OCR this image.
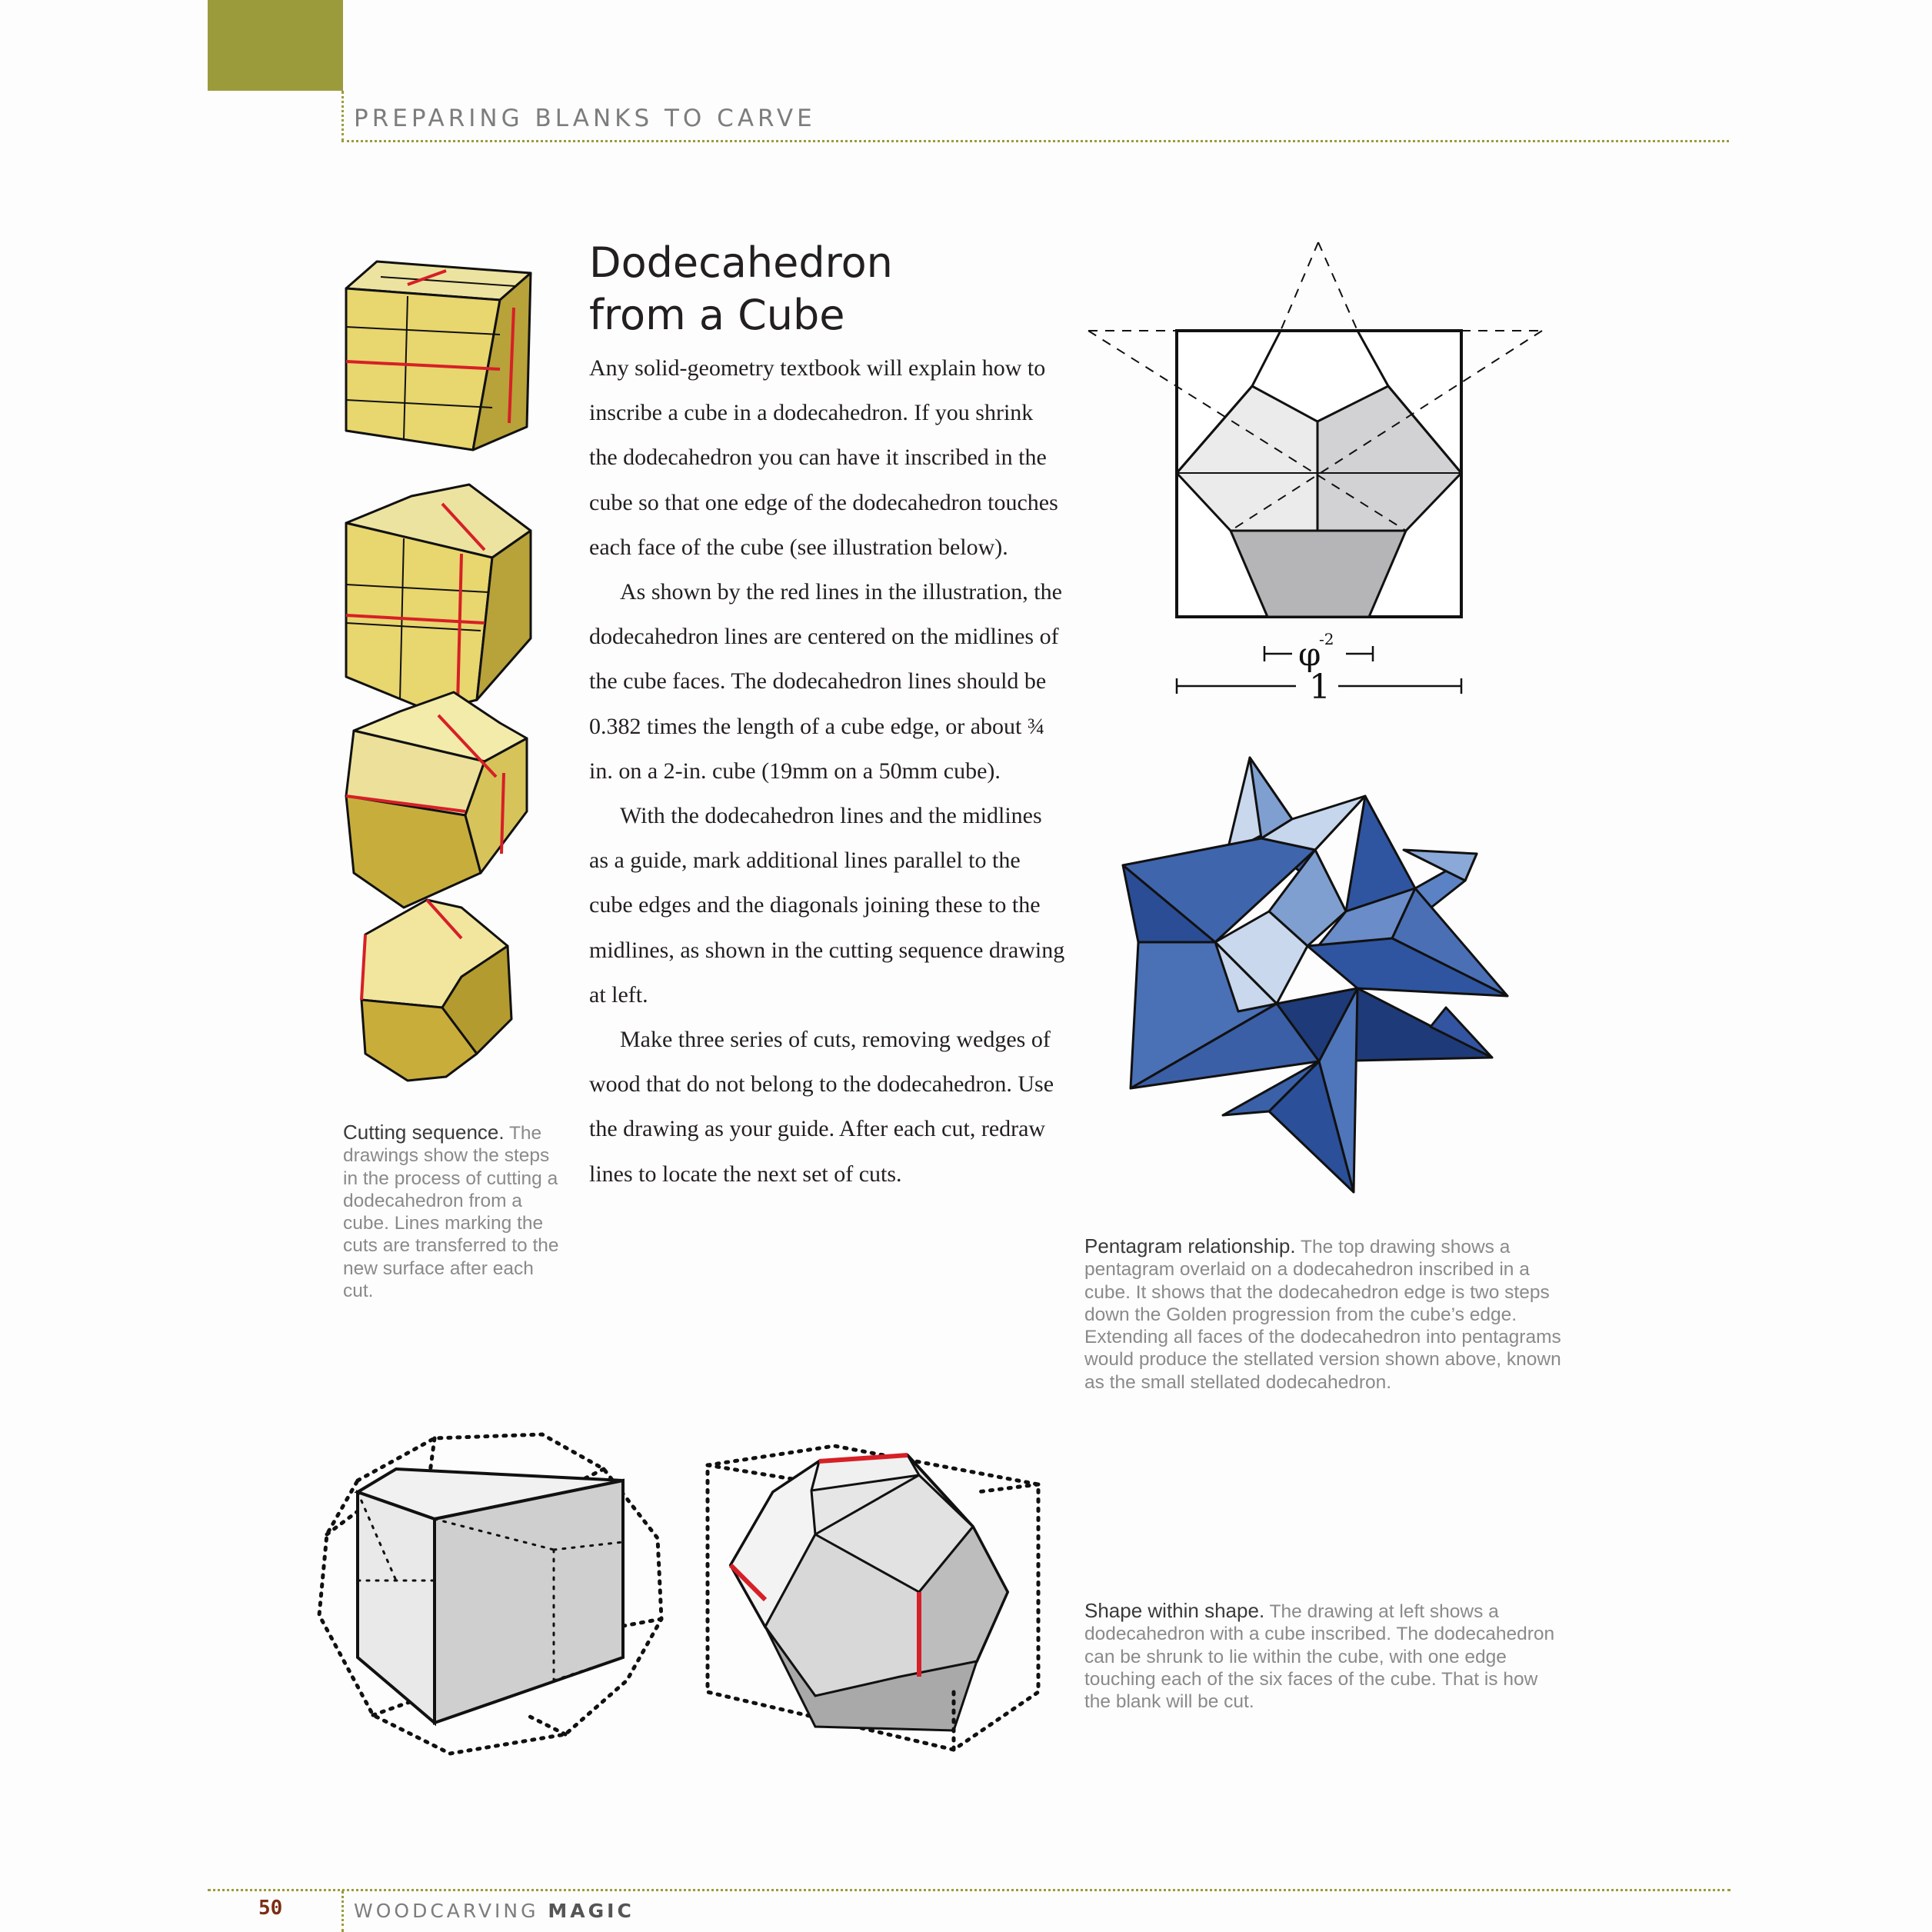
PREPARING BLANKS TO CARVE
Cutting sequence. The drawings show the steps in the process of cutting a dodecahedron from a cube. Lines marking the cuts are transferred to the new surface after each cut.
Dodecahedron
from a Cube

Any solid-geometry textbook will explain how to inscribe a cube in a dodecahedron. If you shrink the dodecahedron you can have it inscribed in the cube so that one edge of the dodecahedron touches each face of the cube (see illustration below).

As shown by the red lines in the illustration, the dodecahedron lines are centered on the midlines of the cube faces. The dodecahedron lines should be 0.382 times the length of a cube edge, or about ¾ in. on a 2-in. cube (19mm on a 50mm cube).

With the dodecahedron lines and the midlines as a guide, mark additional lines parallel to the cube edges and the diagonals joining these to the midlines, as shown in the cutting sequence drawing at left.

Make three series of cuts, removing wedges of wood that do not belong to the dodecahedron. Use the drawing as your guide. After each cut, redraw lines to locate the next set of cuts.

φ
-2
1
Pentagram relationship. The top drawing shows a pentagram overlaid on a dodecahedron inscribed in a cube. It shows that the dodecahedron edge is two steps down the Golden progression from the cube’s edge. Extending all faces of the dodecahedron into pentagrams would produce the stellated version shown above, known as the small stellated dodecahedron.
Shape within shape. The drawing at left shows a dodecahedron with a cube inscribed. The dodecahedron can be shrunk to lie within the cube, with one edge touching each of the six faces of the cube. That is how the blank will be cut.
50	WOODCARVING MAGIC
